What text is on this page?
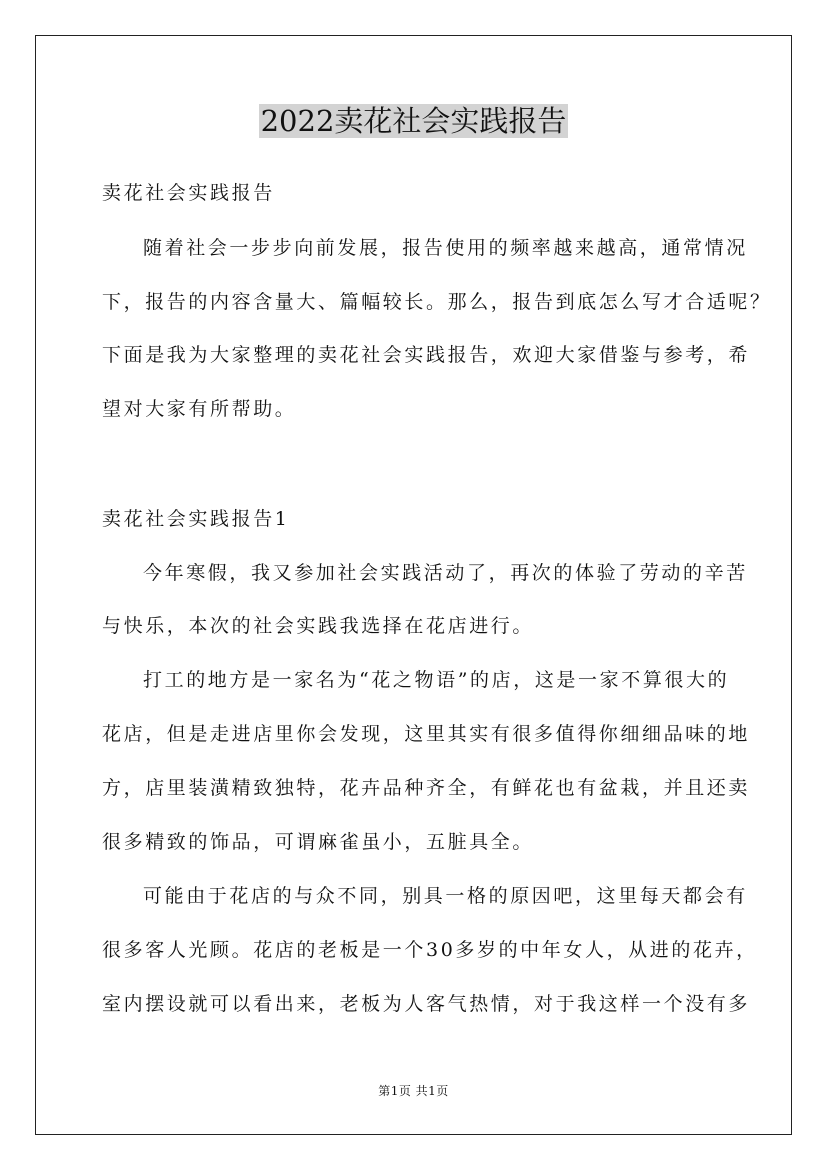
2022卖花社会实践报告
卖花社会实践报告
随着社会一步步向前发展，报告使用的频率越来越高，通常情况
下，报告的内容含量大、篇幅较长。那么，报告到底怎么写才合适呢？
下面是我为大家整理的卖花社会实践报告，欢迎大家借鉴与参考，希
望对大家有所帮助。
卖花社会实践报告1
今年寒假，我又参加社会实践活动了，再次的体验了劳动的辛苦
与快乐，本次的社会实践我选择在花店进行。
打工的地方是一家名为“花之物语”的店，这是一家不算很大的
花店，但是走进店里你会发现，这里其实有很多值得你细细品味的地
方，店里装潢精致独特，花卉品种齐全，有鲜花也有盆栽，并且还卖
很多精致的饰品，可谓麻雀虽小，五脏具全。
可能由于花店的与众不同，别具一格的原因吧，这里每天都会有
很多客人光顾。花店的老板是一个30多岁的中年女人，从进的花卉，
室内摆设就可以看出来，老板为人客气热情，对于我这样一个没有多
第1页 共1页
